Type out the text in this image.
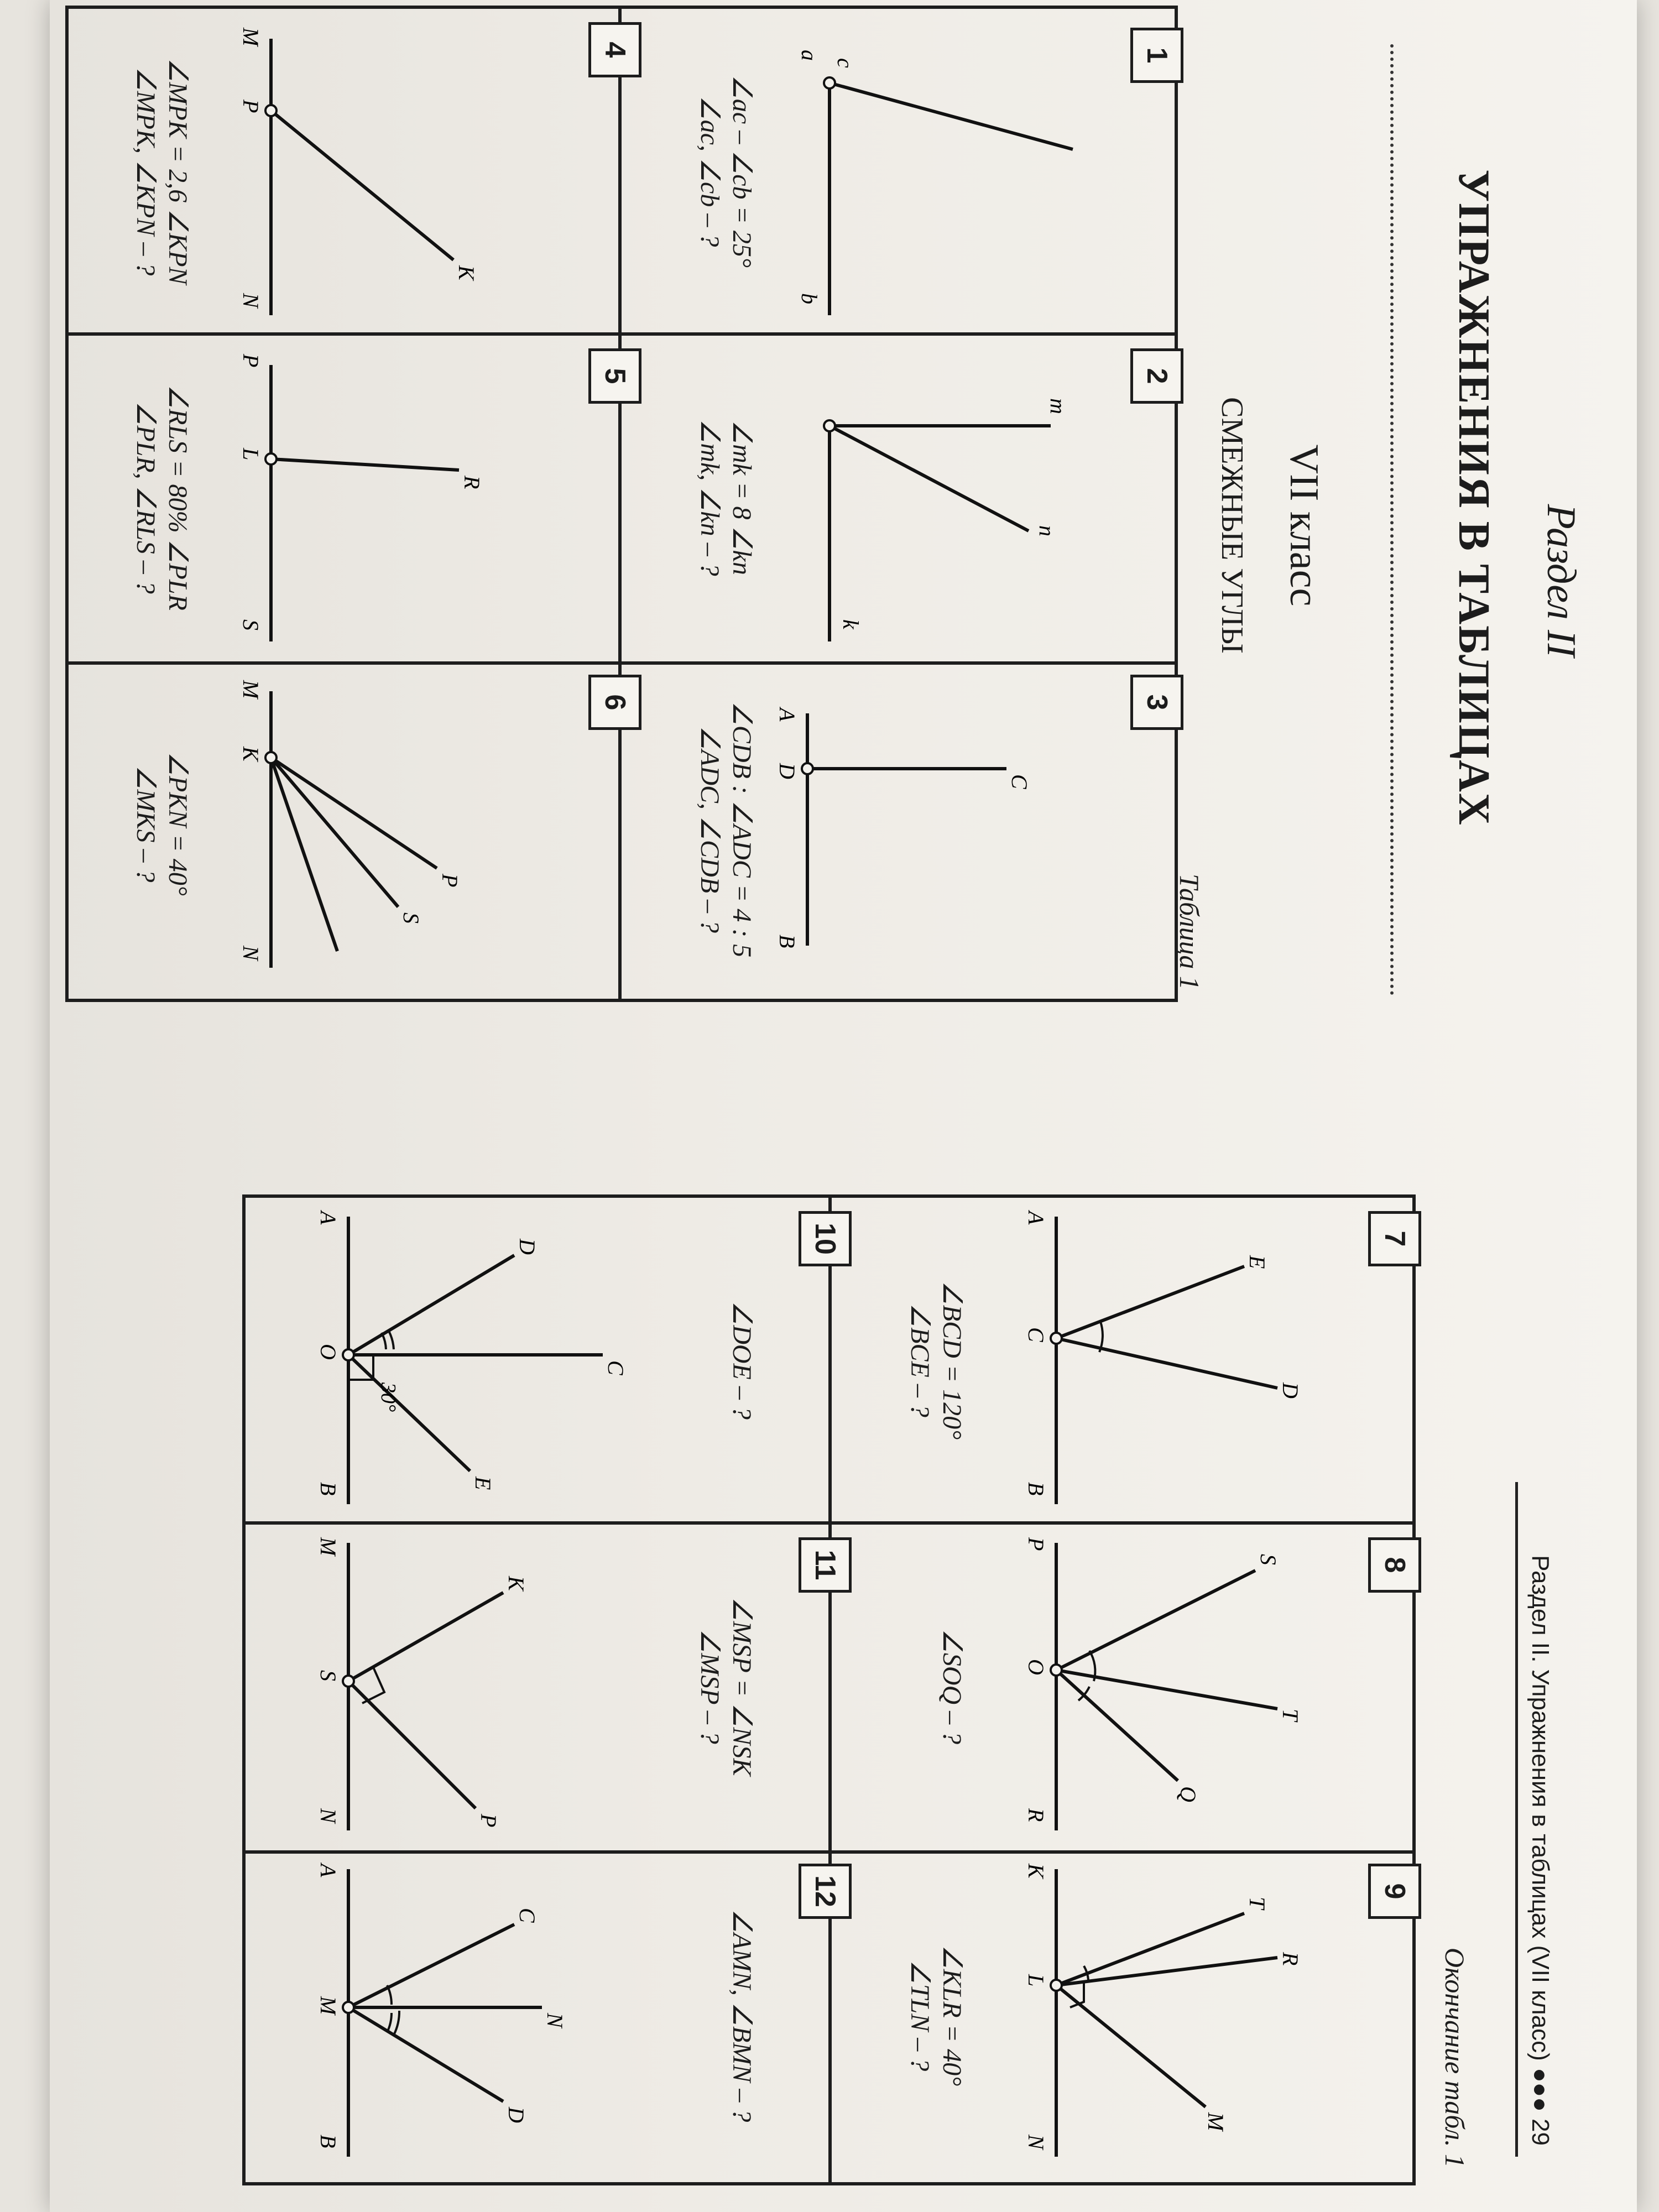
Раздел II
УПРАЖНЕНИЯ В ТАБЛИЦАХ
VII класс
СМЕЖНЫЕ УГЛЫ
Таблица 1
Раздел II. Упражнения в таблицах (VII класс) ●●● 29
Окончание табл. 1
1
c
a
b
∠ac – ∠cb = 25°
∠ac, ∠cb – ?
2
m
n
k
∠mk = 8 ∠kn
∠mk, ∠kn – ?
3
A
D
B
C
∠CDB : ∠ADC = 4 : 5
∠ADC, ∠CDB – ?
4
M
P
N
K
∠MPK = 2,6 ∠KPN
∠MPK, ∠KPN – ?
5
P
L
S
R
∠RLS = 80% ∠PLR
∠PLR, ∠RLS – ?
6
M
K
N
P
S
∠PKN = 40°
∠MKS – ?
7
A
C
B
E
D
∠BCD = 120°
∠BCE – ?
8
P
O
R
S
T
Q
∠SOQ – ?
9
K
L
N
T
R
M
∠KLR = 40°
∠TLN – ?
10
∠DOE – ?
A
O
B
C
D
E
30°
11
∠MSP = ∠NSK
∠MSP – ?
M
S
N
K
P
12
∠AMN, ∠BMN – ?
A
M
B
C
N
D
